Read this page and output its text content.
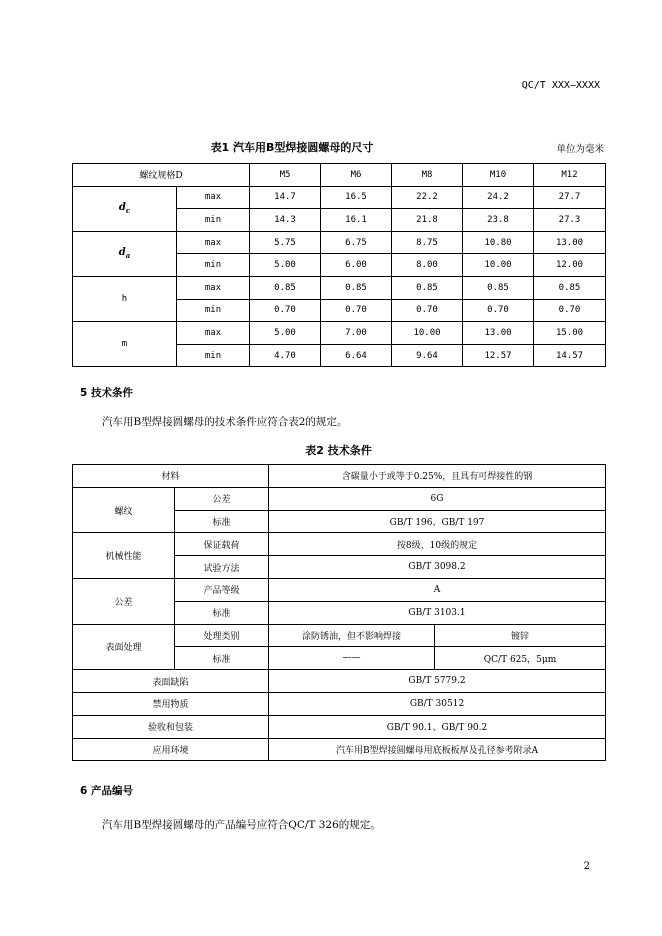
QC/T XXX—XXXX
表1 汽车用B型焊接圆螺母的尺寸	单位为毫米
螺纹规格D		M5	M6	M8	M10	M12
$d_c$	max	14.7	16.5	22.2	24.2	27.7
	min	14.3	16.1	21.8	23.8	27.3
$d_a$	max	5.75	6.75	8.75	10.80	13.00
	min	5.00	6.00	8.00	10.00	12.00
h	max	0.85	0.85	0.85	0.85	0.85
	min	0.70	0.70	0.70	0.70	0.70
m	max	5.00	7.00	10.00	13.00	15.00
	min	4.70	6.64	9.64	12.57	14.57
5 技术条件
汽车用B型焊接圆螺母的技术条件应符合表2的规定。
表2 技术条件
材料		含碳量小于或等于0.25%，且具有可焊接性的钢	
螺纹	公差	6G	
	标准	GB/T 196、GB/T 197	
机械性能	保证载荷	按8级、10级的规定	
	试验方法	GB/T 3098.2	
公差	产品等级	A	
	标准	GB/T 3103.1	
表面处理	处理类别	涂防锈油，但不影响焊接	镀锌
	标准	——	QC/T 625，5μm
表面缺陷		GB/T 5779.2	
禁用物质		GB/T 30512	
验收和包装		GB/T 90.1、GB/T 90.2	
应用环境		汽车用B型焊接圆螺母用底板板厚及孔径参考附录A	
6 产品编号
汽车用B型焊接圆螺母的产品编号应符合QC/T 326的规定。
2
